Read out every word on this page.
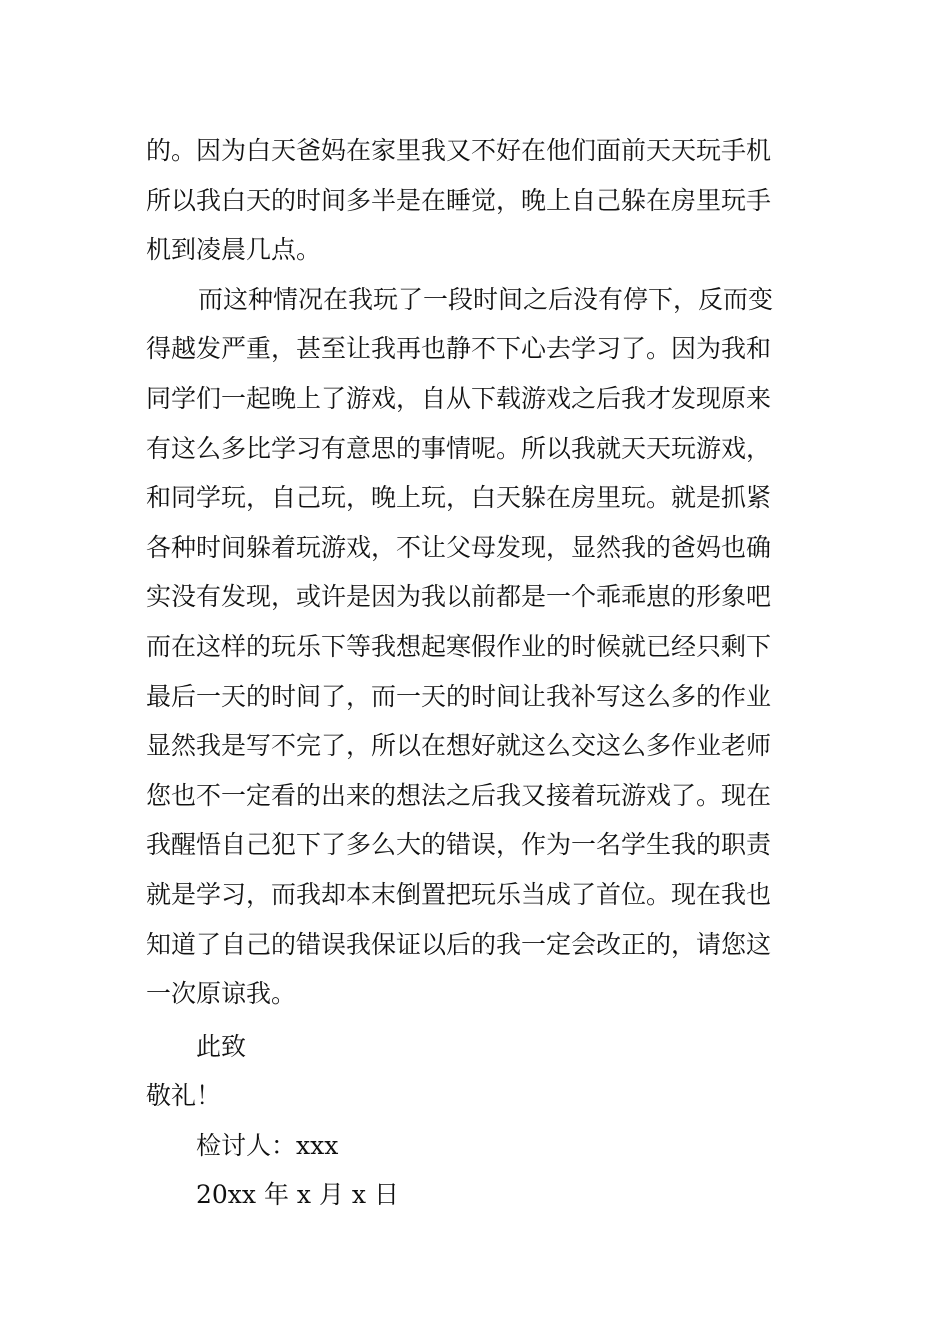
的。因为白天爸妈在家里我又不好在他们面前天天玩手机
所以我白天的时间多半是在睡觉，晚上自己躲在房里玩手
机到凌晨几点。
而这种情况在我玩了一段时间之后没有停下，反而变
得越发严重，甚至让我再也静不下心去学习了。因为我和
同学们一起晚上了游戏，自从下载游戏之后我才发现原来
有这么多比学习有意思的事情呢。所以我就天天玩游戏，
和同学玩，自己玩，晚上玩，白天躲在房里玩。就是抓紧
各种时间躲着玩游戏，不让父母发现，显然我的爸妈也确
实没有发现，或许是因为我以前都是一个乖乖崽的形象吧
而在这样的玩乐下等我想起寒假作业的时候就已经只剩下
最后一天的时间了，而一天的时间让我补写这么多的作业
显然我是写不完了，所以在想好就这么交这么多作业老师
您也不一定看的出来的想法之后我又接着玩游戏了。现在
我醒悟自己犯下了多么大的错误，作为一名学生我的职责
就是学习，而我却本末倒置把玩乐当成了首位。现在我也
知道了自己的错误我保证以后的我一定会改正的，请您这
一次原谅我。
此致
敬礼！
检讨人：xxx
20xx 年 x 月 x 日
